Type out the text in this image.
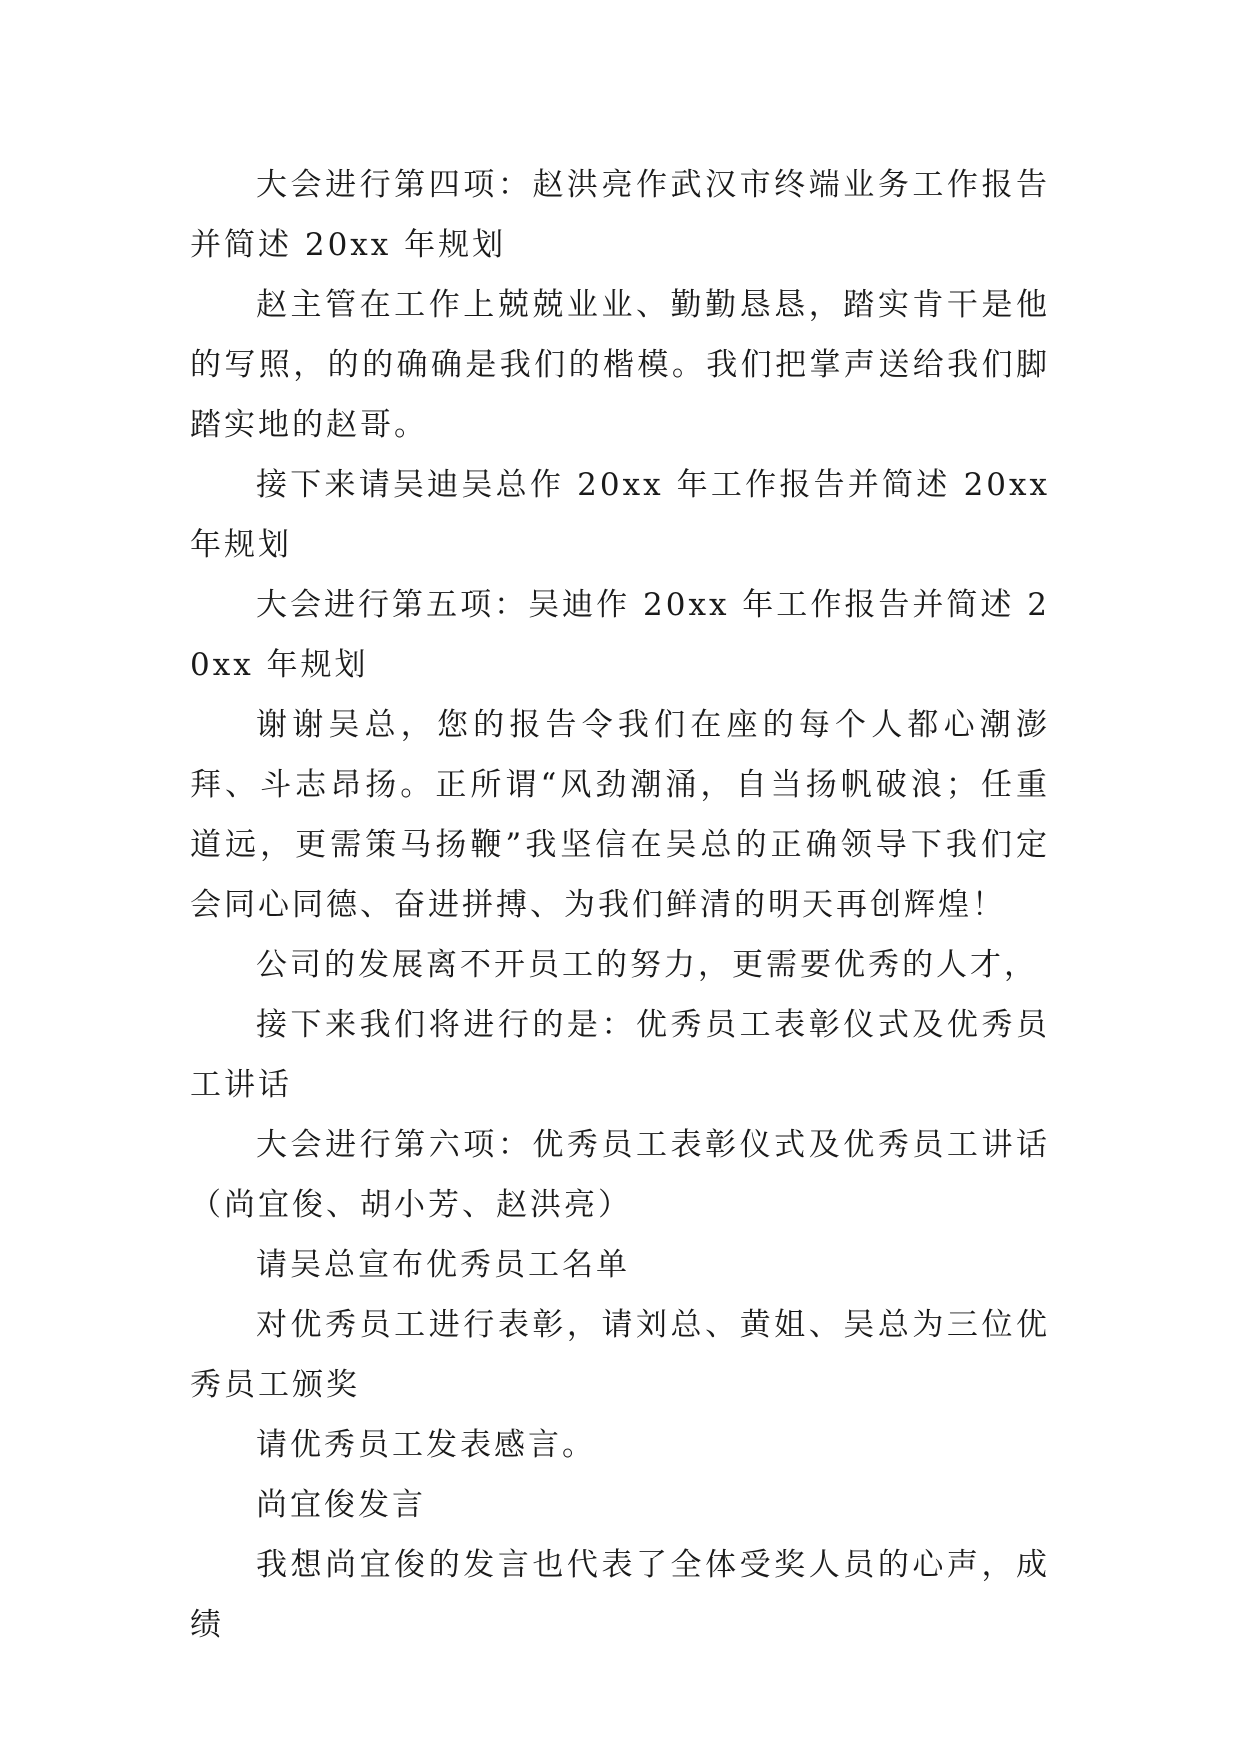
大会进行第四项：赵洪亮作武汉市终端业务工作报告并简述 20xx 年规划

赵主管在工作上兢兢业业、勤勤恳恳，踏实肯干是他的写照，的的确确是我们的楷模。我们把掌声送给我们脚踏实地的赵哥。

接下来请吴迪吴总作 20xx 年工作报告并简述 20xx 年规划

大会进行第五项：吴迪作 20xx 年工作报告并简述 20xx 年规划

谢谢吴总，您的报告令我们在座的每个人都心潮澎拜、斗志昂扬。正所谓“风劲潮涌，自当扬帆破浪；任重道远，更需策马扬鞭”我坚信在吴总的正确领导下我们定会同心同德、奋进拼搏、为我们鲜清的明天再创辉煌！

公司的发展离不开员工的努力，更需要优秀的人才，

接下来我们将进行的是：优秀员工表彰仪式及优秀员工讲话

大会进行第六项：优秀员工表彰仪式及优秀员工讲话（尚宜俊、胡小芳、赵洪亮）

请吴总宣布优秀员工名单

对优秀员工进行表彰，请刘总、黄姐、吴总为三位优秀员工颁奖

请优秀员工发表感言。

尚宜俊发言

我想尚宜俊的发言也代表了全体受奖人员的心声，成绩
